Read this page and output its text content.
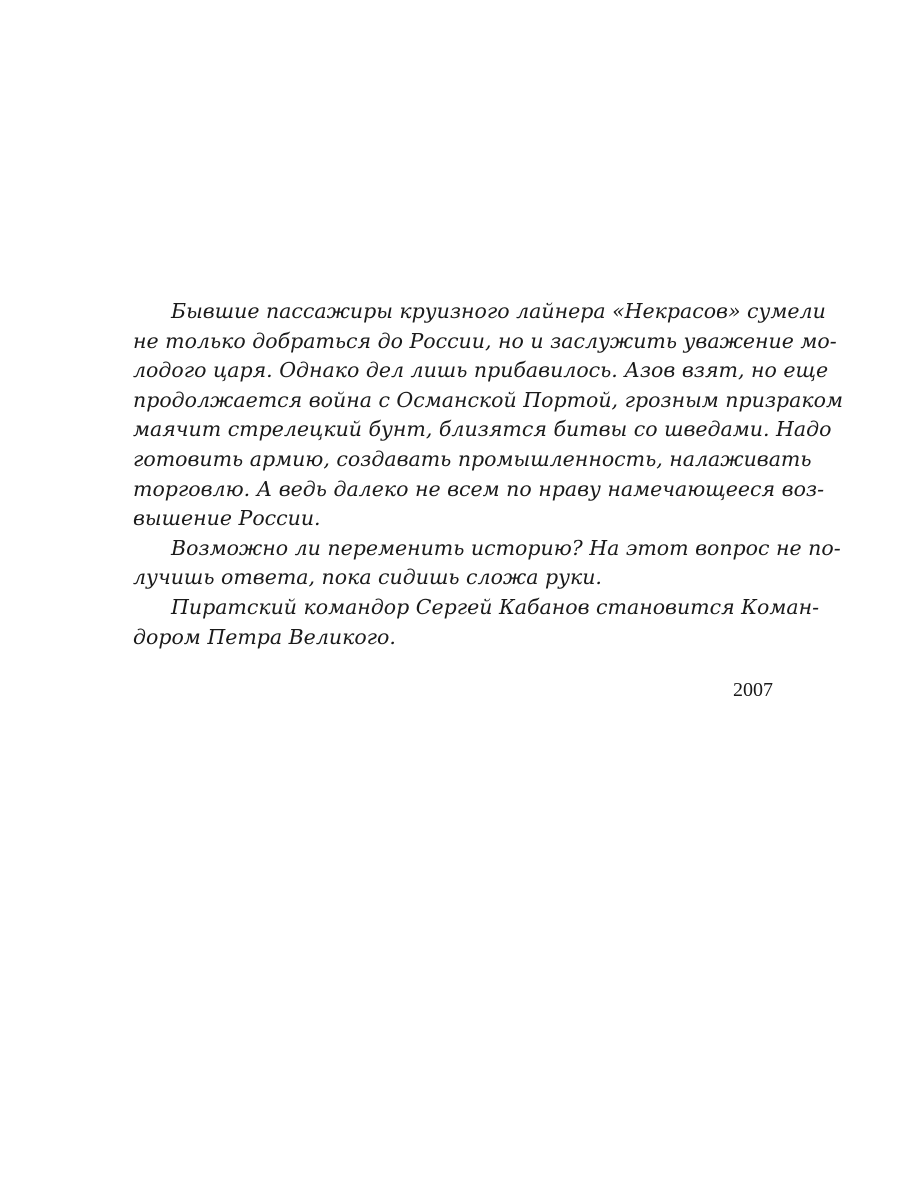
Бывшие пассажиры круизного лайнера «Некрасов» сумели
не только добраться до России, но и заслужить уважение мо-
лодого царя. Однако дел лишь прибавилось. Азов взят, но еще
продолжается война с Османской Портой, грозным призраком
маячит стрелецкий бунт, близятся битвы со шведами. Надо
готовить армию, создавать промышленность, налаживать
торговлю. А ведь далеко не всем по нраву намечающееся воз-
вышение России.

Возможно ли переменить историю? На этот вопрос не по-
лучишь ответа, пока сидишь сложа руки.

Пиратский командор Сергей Кабанов становится Коман-
дором Петра Великого.

2007
